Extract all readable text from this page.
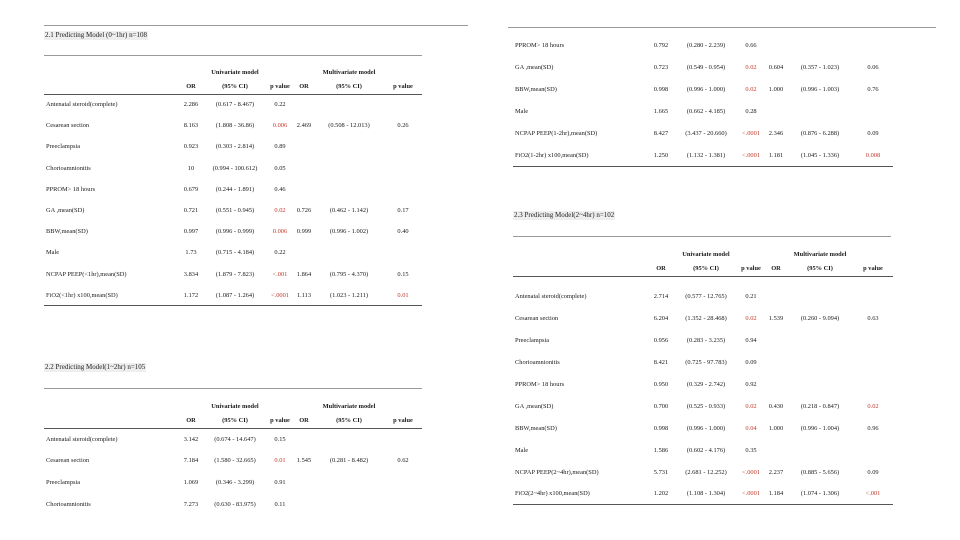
2.1 Predicting Model (0~1hr) n=108
		Univariate model			Multivariate model	
	OR	(95% CI)	p value	OR	(95% CI)	p value
Antenatal steroid(complete)	2.286	(0.617 - 8.467)	0.22			
Cesarean section	8.163	(1.808 - 36.86)	0.006	2.469	(0.508 - 12.013)	0.26
Preeclampsia	0.923	(0.303 - 2.814)	0.89			
Chorioamnionitis	10	(0.994 - 100.612)	0.05			
PPROM> 18 hours	0.679	(0.244 - 1.891)	0.46			
GA ,mean(SD)	0.721	(0.551 - 0.945)	0.02	0.726	(0.462 - 1.142)	0.17
BBW,mean(SD)	0.997	(0.996 - 0.999)	0.006	0.999	(0.996 - 1.002)	0.40
Male	1.73	(0.715 - 4.184)	0.22			
NCPAP PEEP(<1hr),mean(SD)	3.834	(1.879 - 7.823)	<.001	1.864	(0.795 - 4.370)	0.15
FiO2(<1hr) x100,mean(SD)	1.172	(1.087 - 1.264)	<.0001	1.113	(1.023 - 1.211)	0.01
2.2 Predicting Model(1~2hr) n=105
		Univariate model			Multivariate model	
	OR	(95% CI)	p value	OR	(95% CI)	p value
Antenatal steroid(complete)	3.142	(0.674 - 14.647)	0.15			
Cesarean section	7.184	(1.580 - 32.665)	0.01	1.545	(0.281 - 8.482)	0.62
Preeclampsia	1.069	(0.346 - 3.299)	0.91			
Chorioamnionitis	7.273	(0.630 - 83.975)	0.11			
PPROM> 18 hours	0.792	(0.280 - 2.239)	0.66			
GA ,mean(SD)	0.723	(0.549 - 0.954)	0.02	0.604	(0.357 - 1.023)	0.06
BBW,mean(SD)	0.998	(0.996 - 1.000)	0.02	1.000	(0.996 - 1.003)	0.76
Male	1.665	(0.662 - 4.185)	0.28			
NCPAP PEEP(1-2hr),mean(SD)	8.427	(3.437 - 20.660)	<.0001	2.346	(0.876 - 6.288)	0.09
FiO2(1-2hr) x100,mean(SD)	1.250	(1.132 - 1.381)	<.0001	1.181	(1.045 - 1.336)	0.008
2.3 Predicting Model(2~4hr) n=102
		Univariate model			Multivariate model	
	OR	(95% CI)	p value	OR	(95% CI)	p value

Antenatal steroid(complete)	2.714	(0.577 - 12.765)	0.21			
Cesarean section	6.204	(1.352 - 28.468)	0.02	1.539	(0.260 - 9.094)	0.63
Preeclampsia	0.956	(0.283 - 3.235)	0.94			
Chorioamnionitis	8.421	(0.725 - 97.783)	0.09			
PPROM> 18 hours	0.950	(0.329 - 2.742)	0.92			
GA ,mean(SD)	0.700	(0.525 - 0.933)	0.02	0.430	(0.218 - 0.847)	0.02
BBW,mean(SD)	0.998	(0.996 - 1.000)	0.04	1.000	(0.996 - 1.004)	0.96
Male	1.586	(0.602 - 4.176)	0.35			
NCPAP PEEP(2~4hr),mean(SD)	5.731	(2.681 - 12.252)	<.0001	2.237	(0.885 - 5.656)	0.09
FiO2(2~4hr) x100,mean(SD)	1.202	(1.108 - 1.304)	<.0001	1.184	(1.074 - 1.306)	<.001
